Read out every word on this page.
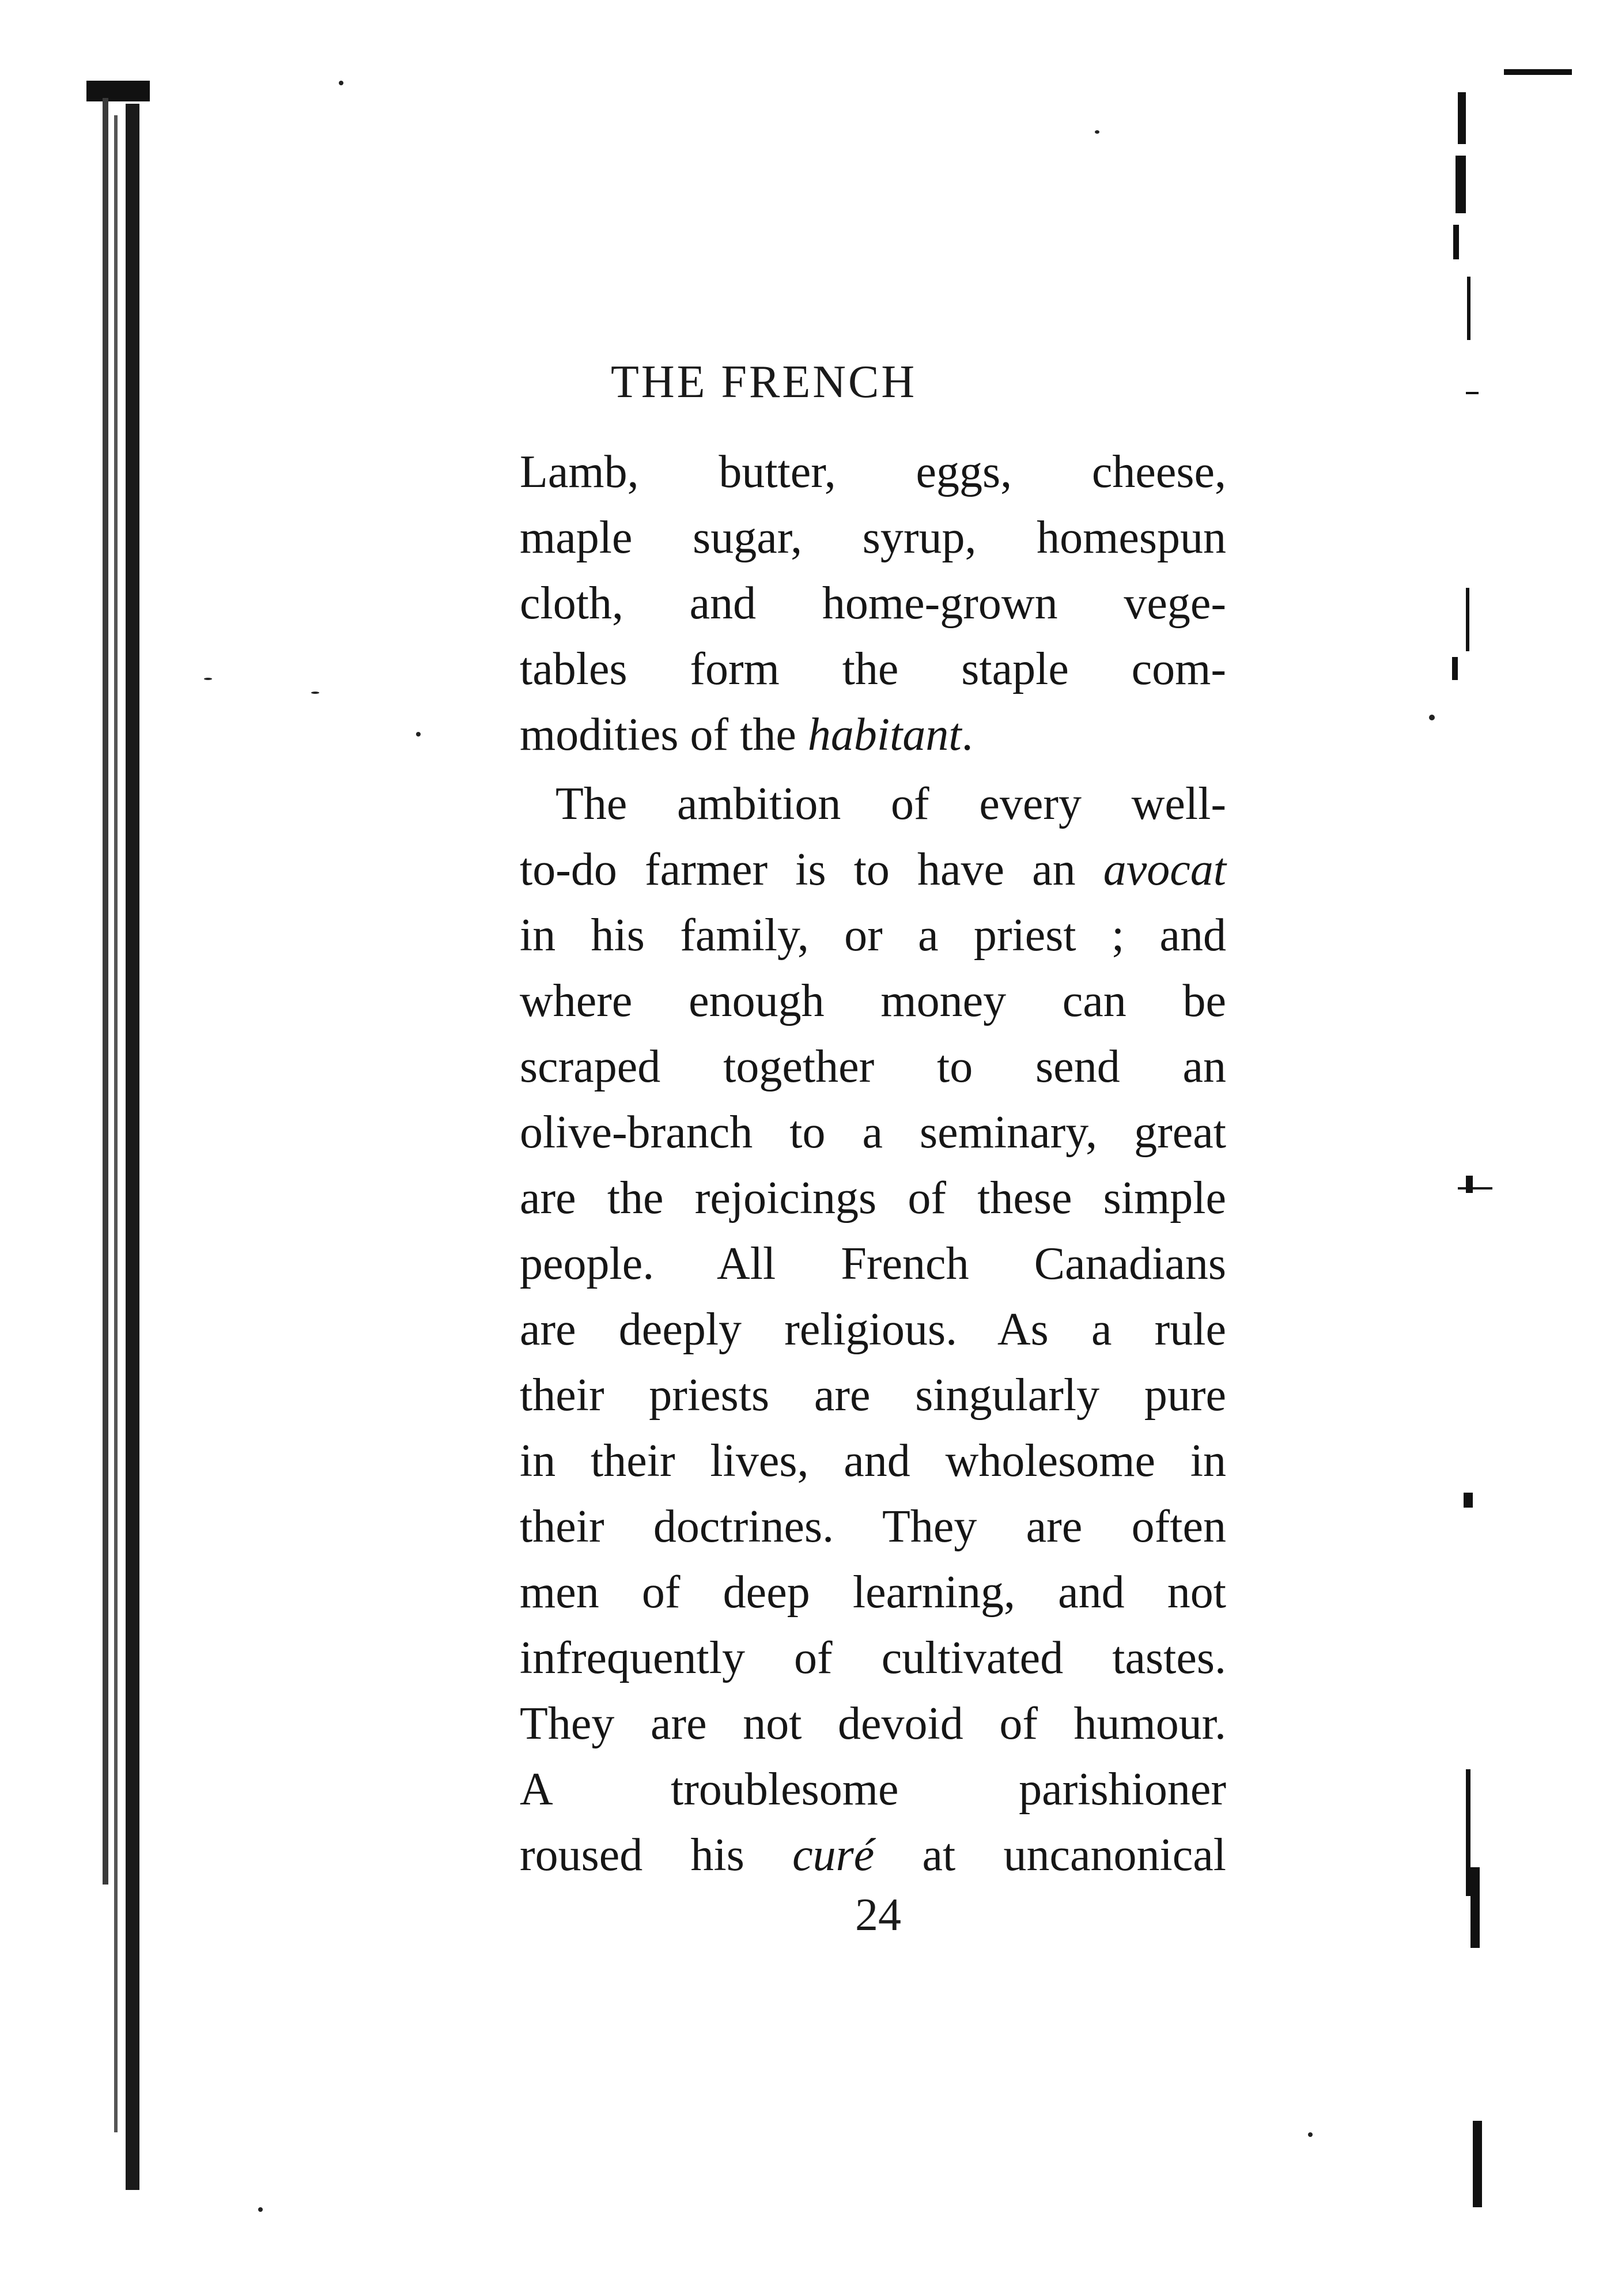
THE FRENCH
Lamb, butter, eggs, cheese,
maple sugar, syrup, homespun
cloth, and home-grown vege-
tables form the staple com-
modities of the habitant.
The ambition of every well-
to-do farmer is to have an avocat
in his family, or a priest ; and
where enough money can be
scraped together to send an
olive-branch to a seminary, great
are the rejoicings of these simple
people. All French Canadians
are deeply religious. As a rule
their priests are singularly pure
in their lives, and wholesome in
their doctrines. They are often
men of deep learning, and not
infrequently of cultivated tastes.
They are not devoid of humour.
A troublesome parishioner
roused his curé at uncanonical
24
